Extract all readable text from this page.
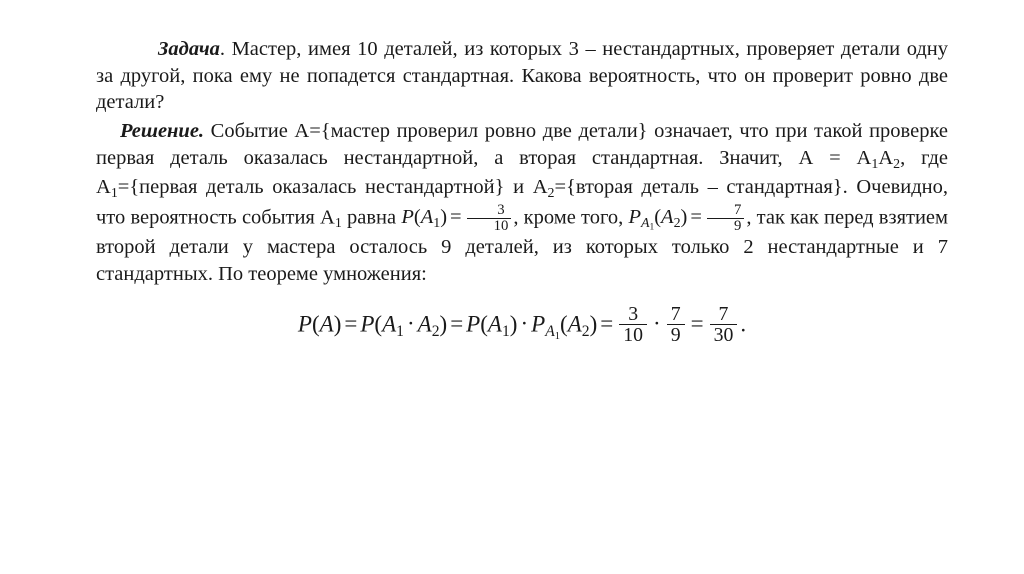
Задача. Мастер, имея 10 деталей, из которых 3 – нестандартных, проверяет детали одну за другой, пока ему не попадется стандартная. Какова вероятность, что он проверит ровно две детали?

Решение. Событие А={мастер проверил ровно две детали} означает, что при такой проверке первая деталь оказалась нестандартной, а вторая стандартная. Значит, $А = А_1А_2$, где $А_1=\{первая$ деталь оказалась нестандартной} и $А_2=\{вторая$ деталь – стандартная}. Очевидно, что вероятность события $А_1$ равна $P(A_1) = \frac{3}{10}$ , кроме того, $P_{A_1}(A_2) = \frac{7}{9}$ , так как перед взятием второй детали у мастера осталось 9 деталей, из которых только 2 нестандартные и 7 стандартных. По теореме умножения:

$P(A) = P(A_1 \cdot A_2) = P(A_1) \cdot P_{A_1}(A_2) = \frac{3}{10} \cdot \frac{7}{9} = \frac{7}{30}$ .
